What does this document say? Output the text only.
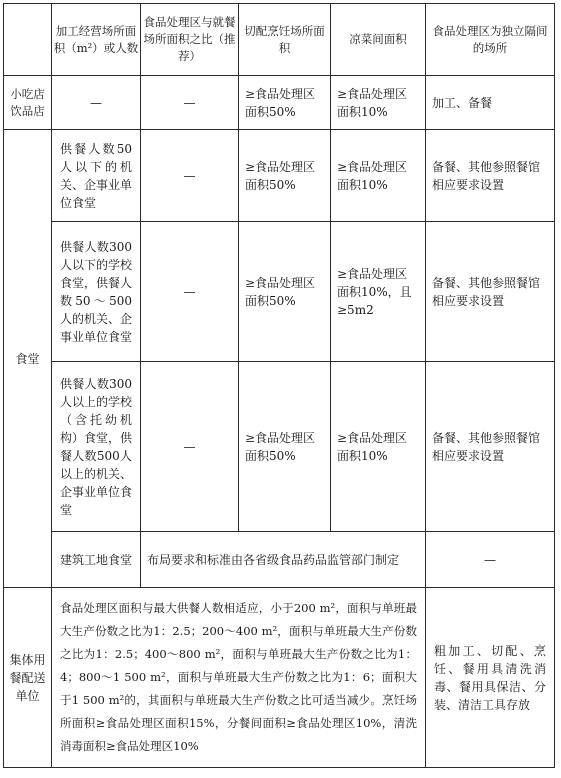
	加工经营场所面积（m²）或人数	食品处理区与就餐场所面积之比（推荐）	切配烹饪场所面积	凉菜间面积	食品处理区为独立隔间的场所
小吃店饮品店	—	—	≥食品处理区面积50%	≥食品处理区面积10%	加工、备餐
食堂	供餐人数50人以下的机关、企事业单位食堂	—	≥食品处理区面积50%	≥食品处理区面积10%	备餐、其他参照餐馆相应要求设置
	供餐人数300人以下的学校食堂，供餐人数50～500人的机关、企事业单位食堂	—	≥食品处理区面积50%	≥食品处理区面积10%，且≥5m2	备餐、其他参照餐馆相应要求设置
	供餐人数300人以上的学校（含托幼机构）食堂，供餐人数500人以上的机关、企事业单位食堂	—	≥食品处理区面积50%	≥食品处理区面积10%	备餐、其他参照餐馆相应要求设置
	建筑工地食堂	布局要求和标准由各省级食品药品监管部门制定			—
集体用餐配送单位	食品处理区面积与最大供餐人数相适应，小于200 m²，面积与单班最大生产份数之比为1：2.5；200～400 m²，面积与单班最大生产份数之比为1：2.5；400～800 m²，面积与单班最大生产份数之比为1：4；800～1 500 m²，面积与单班最大生产份数之比为1：6；面积大于1 500 m²的，其面积与单班最大生产份数之比可适当减少。烹饪场所面积≥食品处理区面积15%，分餐间面积≥食品处理区10%，清洗消毒面积≥食品处理区10%				粗加工、切配、烹饪、餐用具清洗消毒、餐用具保洁、分装、清洁工具存放
